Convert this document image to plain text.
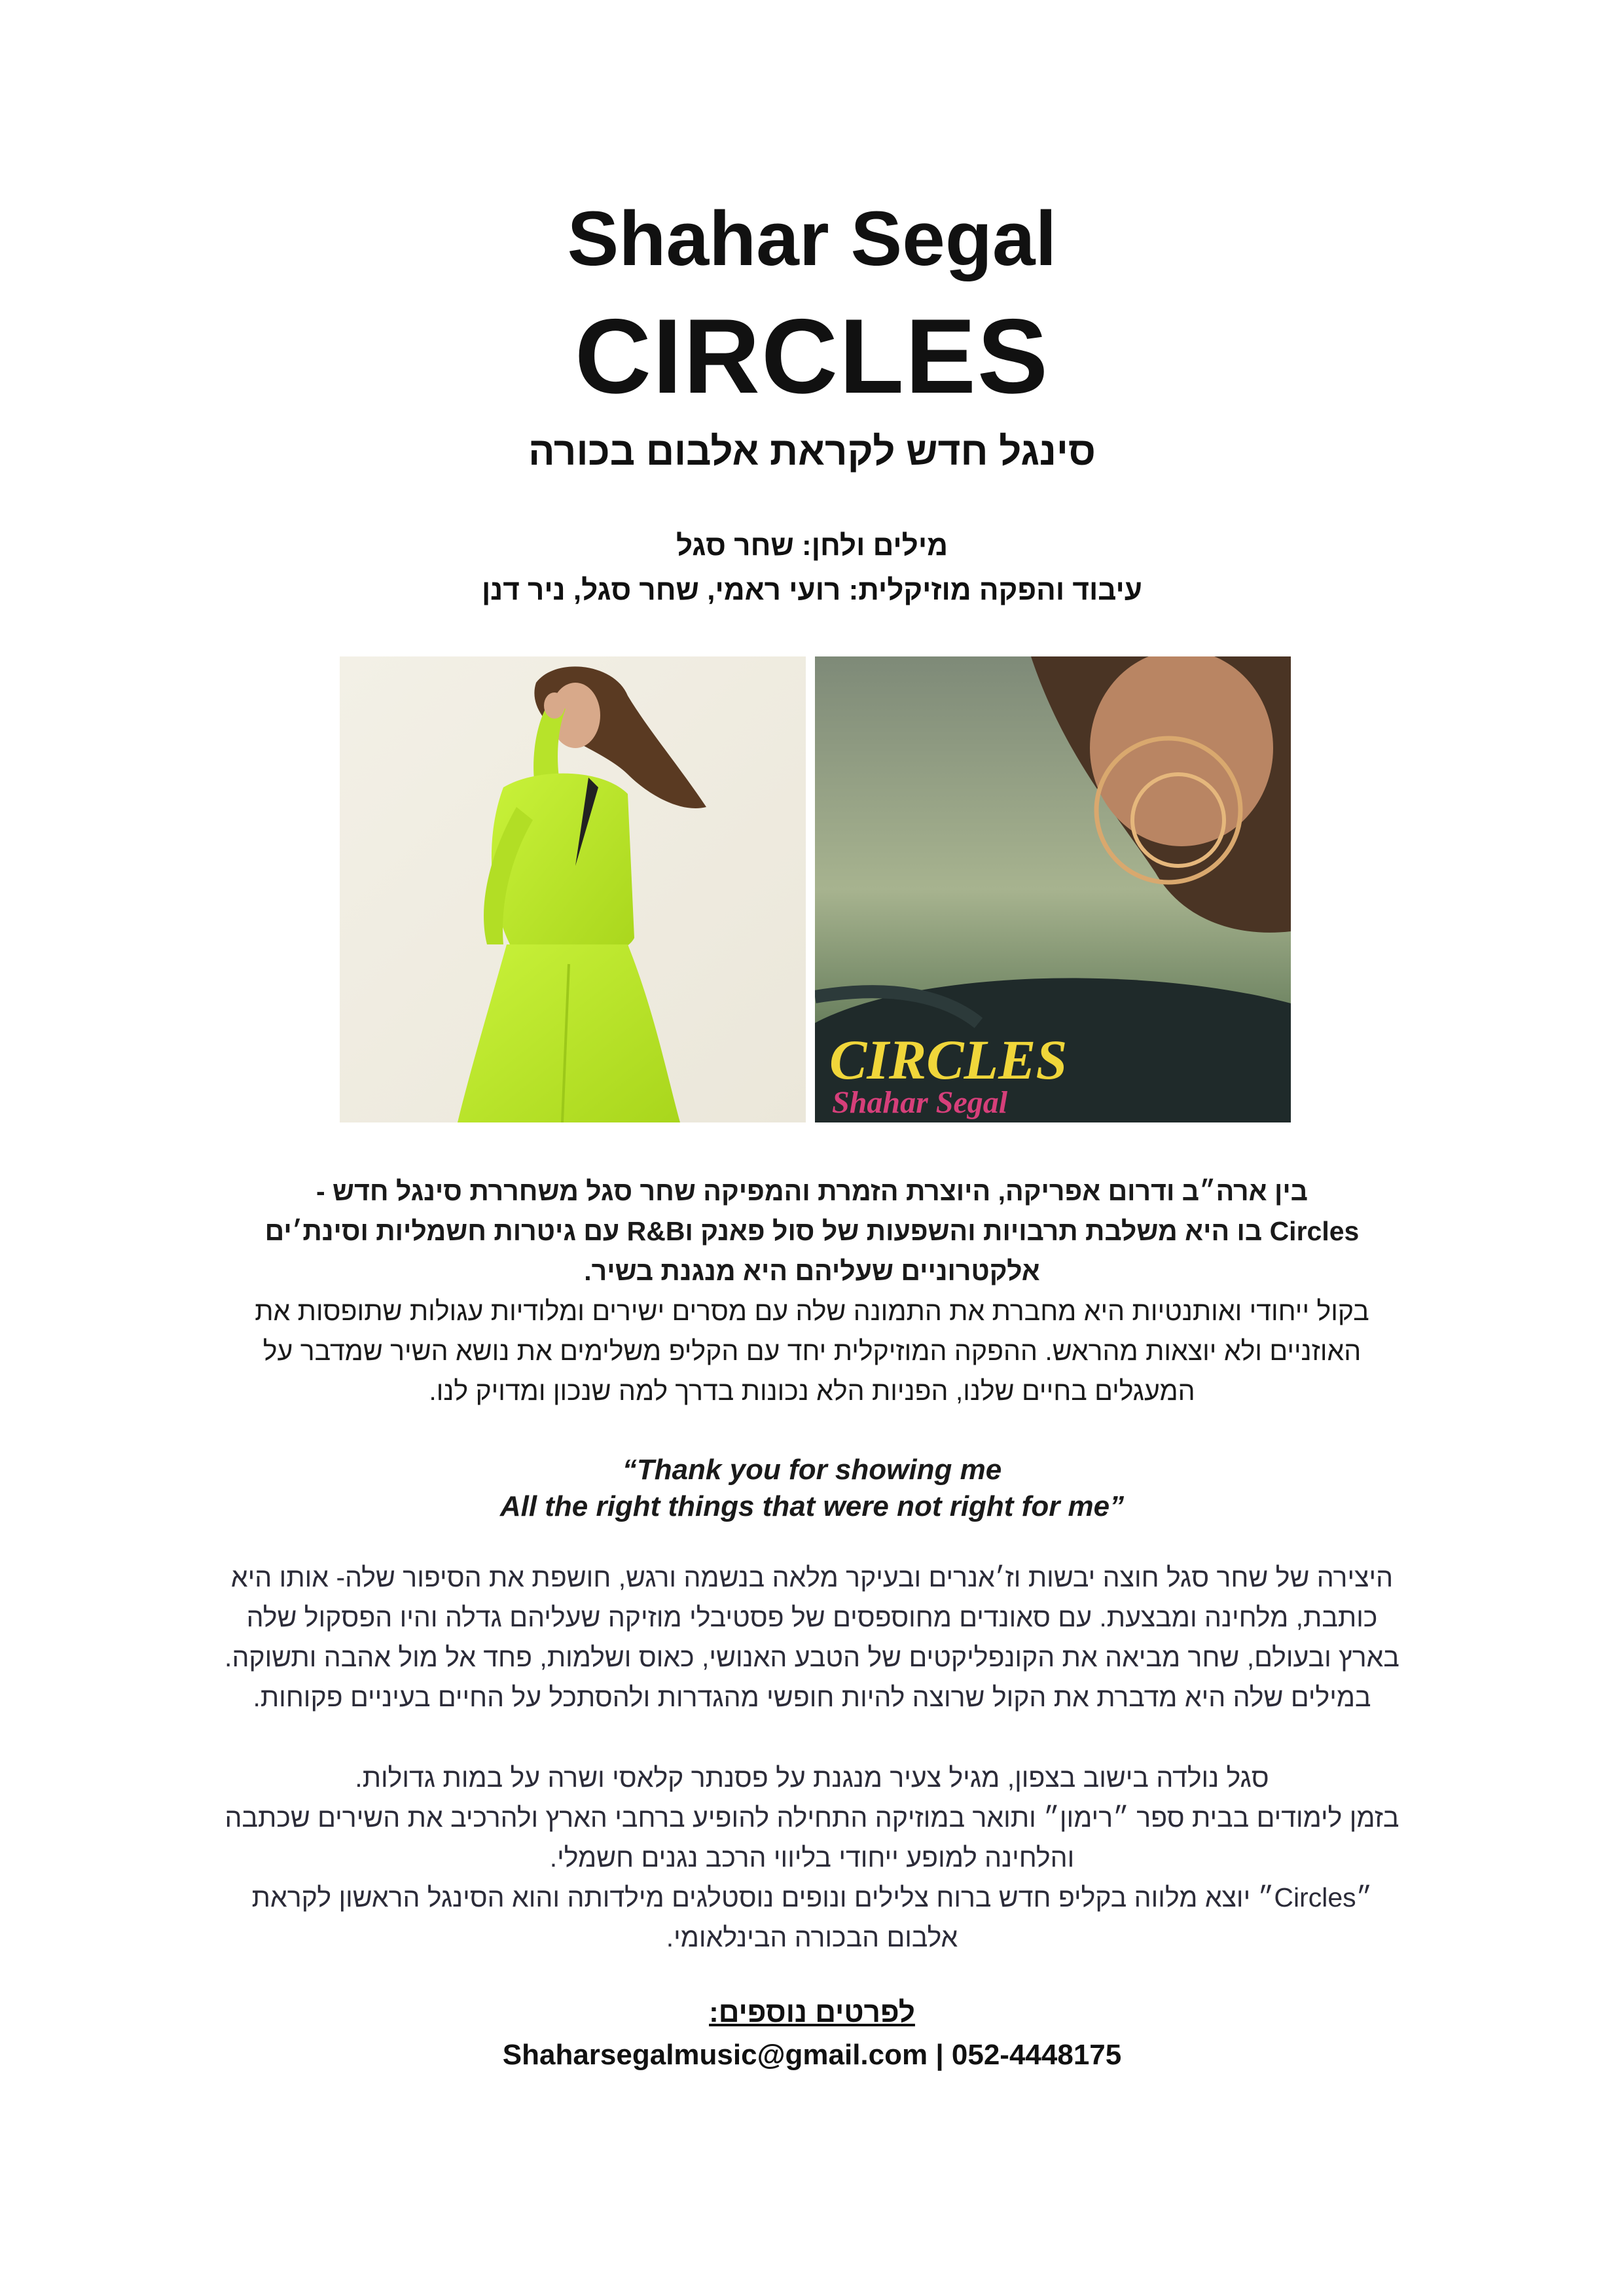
Shahar Segal
CIRCLES
סינגל חדש לקראת אלבום בכורה
מילים ולחן: שחר סגל
עיבוד והפקה מוזיקלית: רועי ראמי, שחר סגל, ניר דנן
CIRCLES
Shahar Segal
בין ארה״ב ודרום אפריקה, היוצרת הזמרת והמפיקה שחר סגל משחררת סינגל חדש -
Circles בו היא משלבת תרבויות והשפעות של סול פאנק וR&B עם גיטרות חשמליות וסינת׳ים
אלקטרוניים שעליהם היא מנגנת בשיר.
בקול ייחודי ואותנטיות היא מחברת את התמונה שלה עם מסרים ישירים ומלודיות עגולות שתופסות את
האוזניים ולא יוצאות מהראש. ההפקה המוזיקלית יחד עם הקליפ משלימים את נושא השיר שמדבר על
המעגלים בחיים שלנו, הפניות הלא נכונות בדרך למה שנכון ומדויק לנו.
“Thank you for showing me
All the right things that were not right for me”
היצירה של שחר סגל חוצה יבשות וז׳אנרים ובעיקר מלאה בנשמה ורגש, חושפת את הסיפור שלה- אותו היא
כותבת, מלחינה ומבצעת. עם סאונדים מחוספסים של פסטיבלי מוזיקה שעליהם גדלה והיו הפסקול שלה
בארץ ובעולם, שחר מביאה את הקונפליקטים של הטבע האנושי, כאוס ושלמות, פחד אל מול אהבה ותשוקה.
במילים שלה היא מדברת את הקול שרוצה להיות חופשי מהגדרות ולהסתכל על החיים בעיניים פקוחות.
סגל נולדה בישוב בצפון, מגיל צעיר מנגנת על פסנתר קלאסי ושרה על במות גדולות.
בזמן לימודים בבית ספר ״רימון״ ותואר במוזיקה התחילה להופיע ברחבי הארץ ולהרכיב את השירים שכתבה
והלחינה למופע ייחודי בליווי הרכב נגנים חשמלי.
״Circles״ יוצא מלווה בקליפ חדש ברוח צלילים ונופים נוסטלגים מילדותה והוא הסינגל הראשון לקראת
אלבום הבכורה הבינלאומי.
לפרטים נוספים:
Shaharsegalmusic@gmail.com | 052-4448175
